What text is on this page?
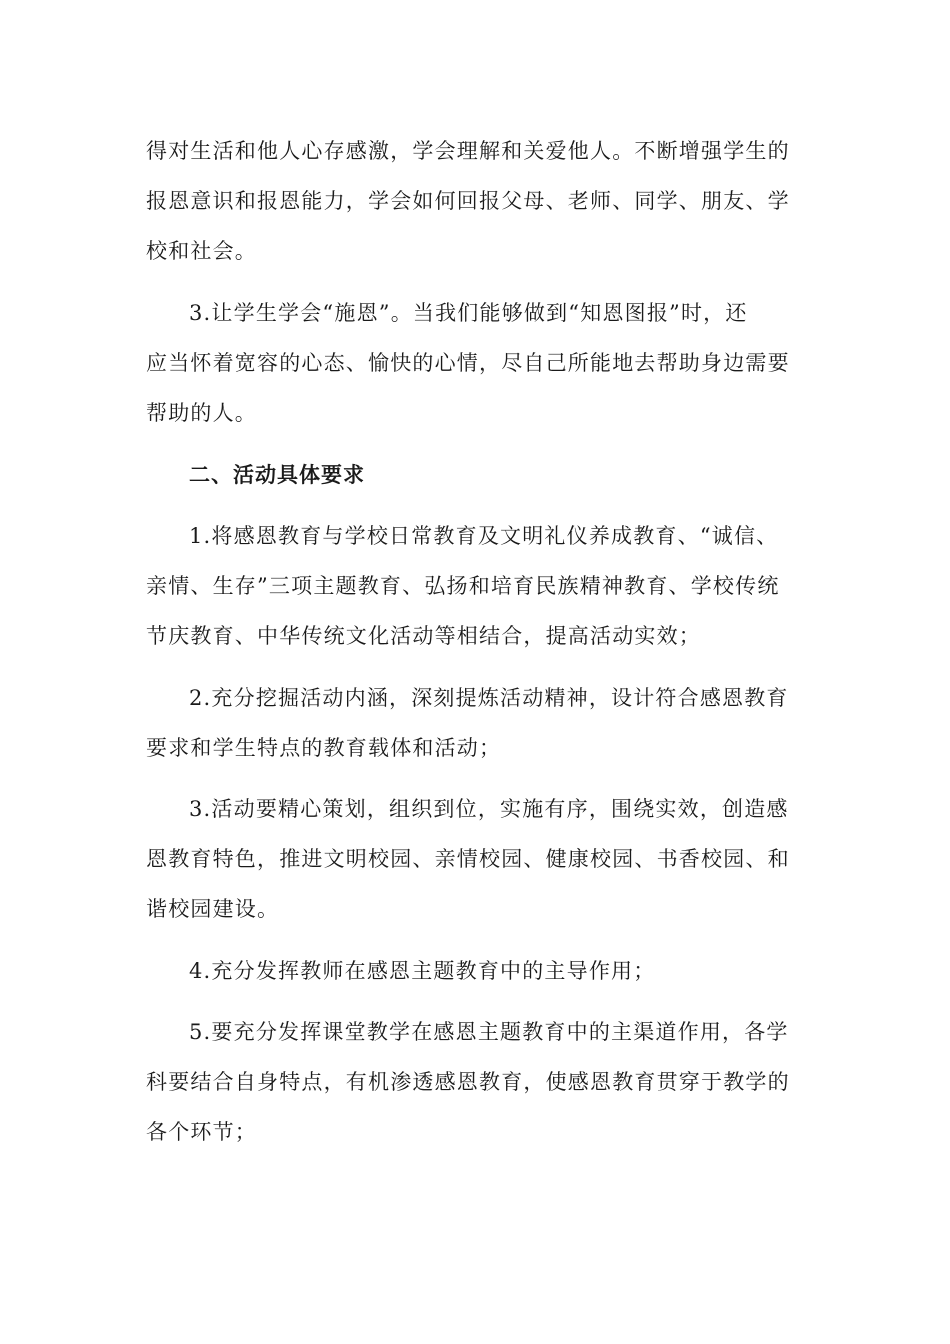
得对生活和他人心存感激，学会理解和关爱他人。不断增强学生的
报恩意识和报恩能力，学会如何回报父母、老师、同学、朋友、学
校和社会。
3.让学生学会“施恩”。当我们能够做到“知恩图报”时，还
应当怀着宽容的心态、愉快的心情，尽自己所能地去帮助身边需要
帮助的人。
二、活动具体要求
1.将感恩教育与学校日常教育及文明礼仪养成教育、“诚信、
亲情、生存”三项主题教育、弘扬和培育民族精神教育、学校传统
节庆教育、中华传统文化活动等相结合，提高活动实效；
2.充分挖掘活动内涵，深刻提炼活动精神，设计符合感恩教育
要求和学生特点的教育载体和活动；
3.活动要精心策划，组织到位，实施有序，围绕实效，创造感
恩教育特色，推进文明校园、亲情校园、健康校园、书香校园、和
谐校园建设。
4.充分发挥教师在感恩主题教育中的主导作用；
5.要充分发挥课堂教学在感恩主题教育中的主渠道作用，各学
科要结合自身特点，有机渗透感恩教育，使感恩教育贯穿于教学的
各个环节；
